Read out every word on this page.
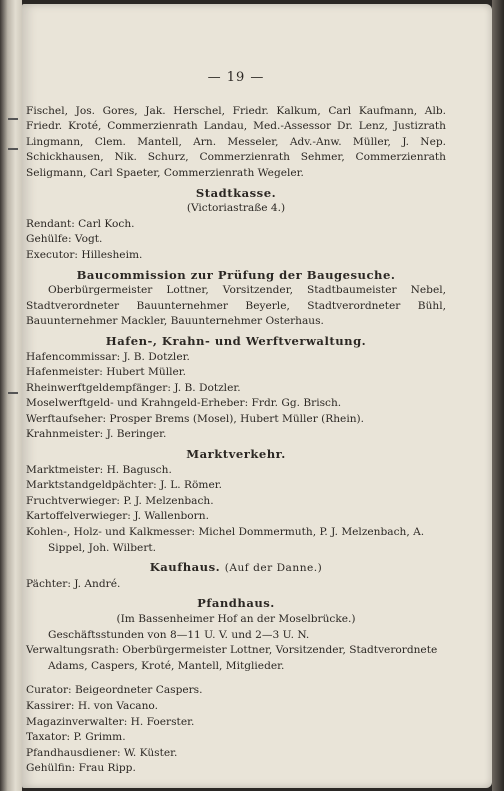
— 19 —

Fischel, Jos. Gores, Jak. Herschel, Friedr. Kalkum, Carl Kaufmann, Alb. Friedr. Kroté, Commerzienrath Landau, Med.-Assessor Dr. Lenz, Justizrath Lingmann, Clem. Mantell, Arn. Messeler, Adv.-Anw. Müller, J. Nep. Schickhausen, Nik. Schurz, Commerzienrath Sehmer, Commerzienrath Seligmann, Carl Spaeter, Commerzienrath Wegeler.

Stadtkasse.

(Victoriastraße 4.)

Rendant: Carl Koch.

Gehülfe: Vogt.

Executor: Hillesheim.

Baucommission zur Prüfung der Baugesuche.

Oberbürgermeister Lottner, Vorsitzender, Stadtbaumeister Nebel, Stadtverordneter Bauunternehmer Beyerle, Stadtverordneter Bühl, Bauunternehmer Mackler, Bauunternehmer Osterhaus.

Hafen-, Krahn- und Werftverwaltung.

Hafencommissar: J. B. Dotzler.

Hafenmeister: Hubert Müller.

Rheinwerftgeldempfänger: J. B. Dotzler.

Moselwerftgeld- und Krahngeld-Erheber: Frdr. Gg. Brisch.

Werftaufseher: Prosper Brems (Mosel), Hubert Müller (Rhein).

Krahnmeister: J. Beringer.

Marktverkehr.

Marktmeister: H. Bagusch.

Marktstandgeldpächter: J. L. Römer.

Fruchtverwieger: P. J. Melzenbach.

Kartoffelverwieger: J. Wallenborn.

Kohlen-, Holz- und Kalkmesser: Michel Dommermuth, P. J. Melzenbach, A. Sippel, Joh. Wilbert.

Kaufhaus. (Auf der Danne.)

Pächter: J. André.

Pfandhaus.

(Im Bassenheimer Hof an der Moselbrücke.)

Geschäftsstunden von 8—11 U. V. und 2—3 U. N.

Verwaltungsrath: Oberbürgermeister Lottner, Vorsitzender, Stadtverordnete Adams, Caspers, Kroté, Mantell, Mitglieder.

Curator: Beigeordneter Caspers.

Kassirer: H. von Vacano.

Magazinverwalter: H. Foerster.

Taxator: P. Grimm.

Pfandhausdiener: W. Küster.

Gehülfin: Frau Ripp.
